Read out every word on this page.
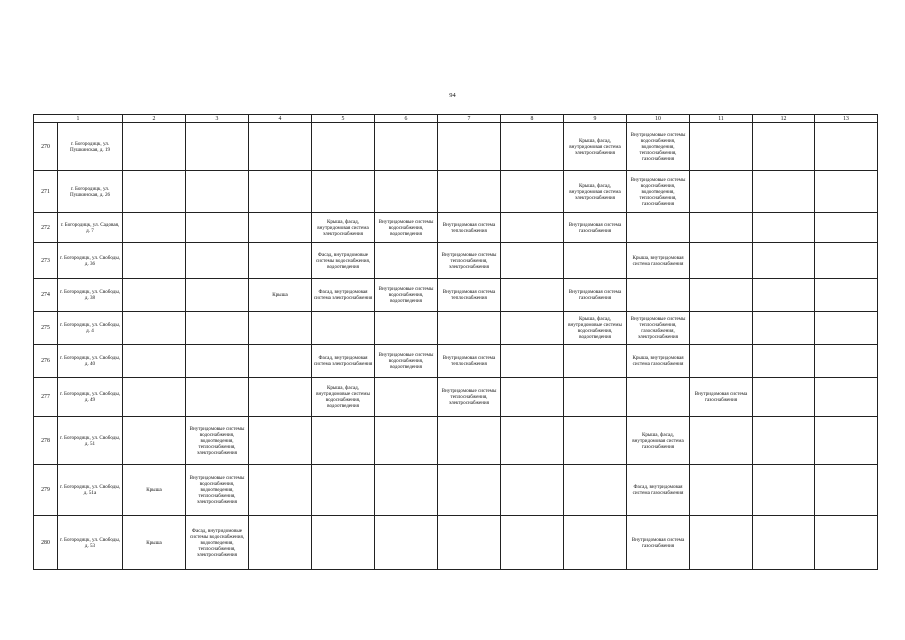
94
1		2	3	4	5	6	7	8	9	10	11	12	13
270	г. Богородицк, ул. Пушкинская, д. 19								Крыша, фасад, внутридомовая система электроснабжения	Внутридомовые системы водоснабжения, водоотведения, теплоснабжения, газоснабжения			
271	г. Богородицк, ул. Пушкинская, д. 26								Крыша, фасад, внутридомовая система электроснабжения	Внутридомовые системы водоснабжения, водоотведения, теплоснабжения, газоснабжения			
272	г. Богородицк, ул. Садовая, д. 7				Крыша, фасад, внутридомовая система электроснабжения	Внутридомовые системы водоснабжения, водоотведения	Внутридомовая система теплоснабжения		Внутридомовая система газоснабжения				
273	г. Богородицк, ул. Свободы, д. 36				Фасад, внутридомовые системы водоснабжения, водоотведения		Внутридомовые системы теплоснабжения, электроснабжения			Крыша, внутридомовая система газоснабжения			
274	г. Богородицк, ул. Свободы, д. 38			Крыша	Фасад, внутридомовая система электроснабжения	Внутридомовые системы водоснабжения, водоотведения	Внутридомовая система теплоснабжения		Внутридомовая система газоснабжения				
275	г. Богородицк, ул. Свободы, д. 4								Крыша, фасад, внутридомовые системы водоснабжения, водоотведения	Внутридомовые системы теплоснабжения, газоснабжения, электроснабжения			
276	г. Богородицк, ул. Свободы, д. 40				Фасад, внутридомовая система электроснабжения	Внутридомовые системы водоснабжения, водоотведения	Внутридомовая система теплоснабжения			Крыша, внутридомовая система газоснабжения			
277	г. Богородицк, ул. Свободы, д. 49				Крыша, фасад, внутридомовые системы водоснабжения, водоотведения		Внутридомовые системы теплоснабжения, электроснабжения				Внутридомовая система газоснабжения		
278	г. Богородицк, ул. Свободы, д. 51		Внутридомовые системы водоснабжения, водоотведения, теплоснабжения, электроснабжения							Крыша, фасад, внутридомовая система газоснабжения			
279	г. Богородицк, ул. Свободы, д. 51а	Крыша	Внутридомовые системы водоснабжения, водоотведения, теплоснабжения, электроснабжения							Фасад, внутридомовая система газоснабжения			
280	г. Богородицк, ул. Свободы, д. 53	Крыша	Фасад, внутридомовые системы водоснабжения, водоотведения, теплоснабжения, электроснабжения							Внутридомовая система газоснабжения			
